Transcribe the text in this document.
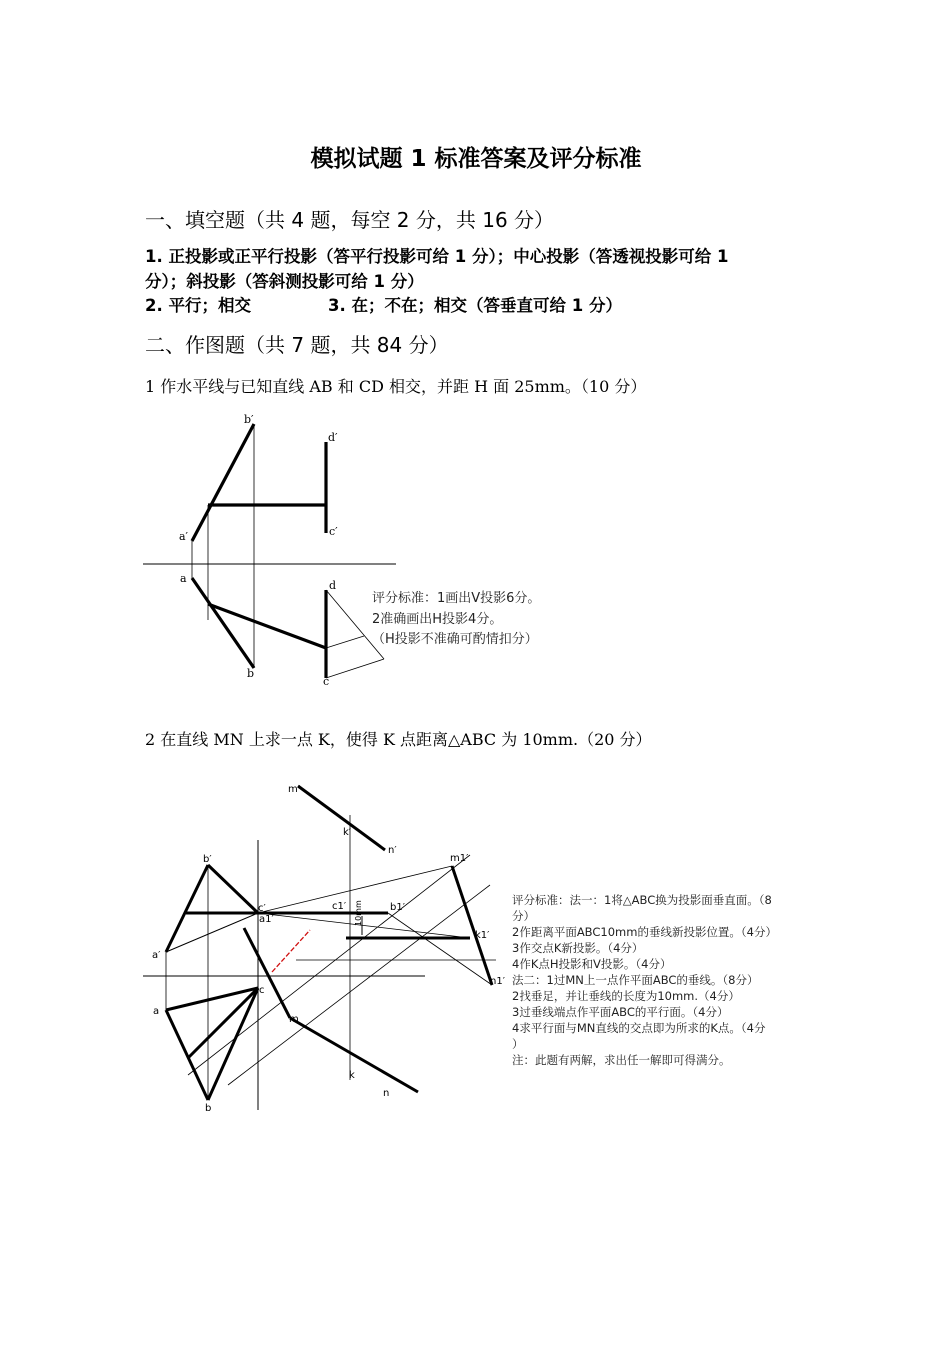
模拟试题 1 标准答案及评分标准
一、填空题（共 4 题，每空 2 分，共 16 分）
1. 正投影或正平行投影（答平行投影可给 1 分）；中心投影（答透视投影可给 1
分）；斜投影（答斜测投影可给 1 分）
2. 平行；相交	3. 在；不在；相交（答垂直可给 1 分）
二、作图题（共 7 题，共 84 分）
1 作水平线与已知直线 AB 和 CD 相交，并距 H 面 25mm。（10 分）
b′
d′
a′	c′
a
d
b
c
评分标准：1画出V投影6分。
2准确画出H投影4分。
（H投影不准确可酌情扣分）
2 在直线 MN 上求一点 K，使得 K 点距离△ABC 为 10mm.（20 分）
m′
k′
n′
b′	m1′
c′
a1′
c1′	b1′
10mm
k1′
a′
n1′
c
a
m
k
n
b
评分标准：法一：1将△ABC换为投影面垂直面。（8
分）
2作距离平面ABC10mm的垂线新投影位置。（4分）
3作交点K新投影。（4分）
4作K点H投影和V投影。（4分）
法二：1过MN上一点作平面ABC的垂线。（8分）
2找垂足，并让垂线的长度为10mm.（4分）
3过垂线端点作平面ABC的平行面。（4分）
4求平行面与MN直线的交点即为所求的K点。（4分
）
注：此题有两解，求出任一解即可得满分。
